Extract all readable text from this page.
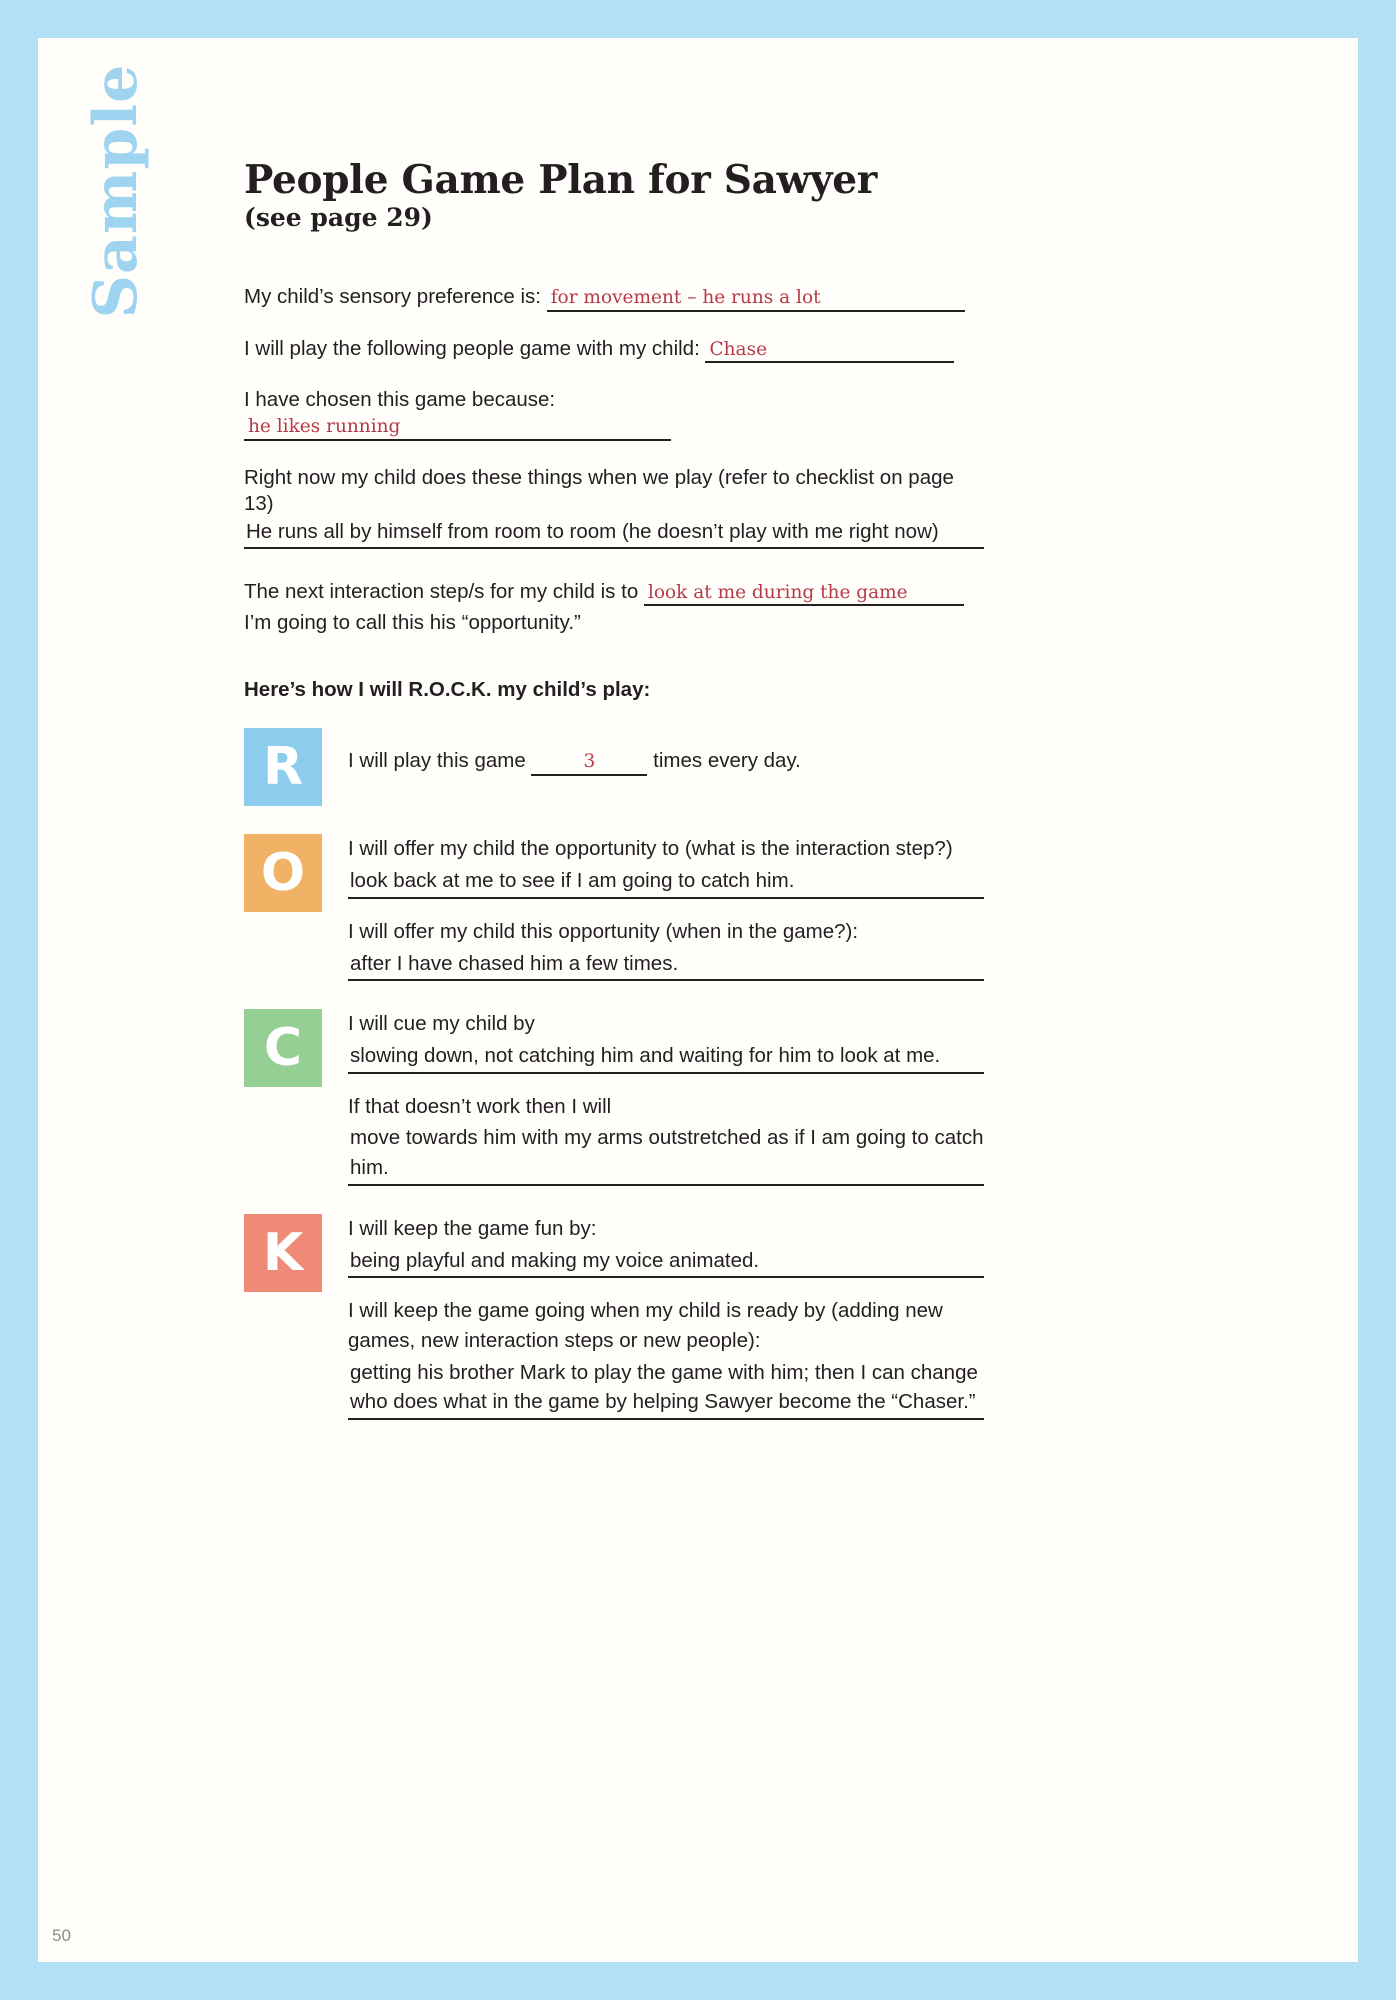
Sample People Game Plan for Sawyer
(see page 29)
My child’s sensory preference is: for movement – he runs a lot
I will play the following people game with my child: Chase
I have chosen this game because: he likes running
Right now my child does these things when we play (refer to checklist on page 13)
He runs all by himself from room to room (he doesn’t play with me right now)
The next interaction step/s for my child is to look at me during the game
I’m going to call this his “opportunity.”
Here’s how I will R.O.C.K. my child’s play:
R	I will play this game	3	times every day.

O	I will offer my child the opportunity to (what is the interaction step?)
look back at me to see if I am going to catch him.

I will offer my child this opportunity (when in the game?):
after I have chased him a few times.

C	I will cue my child by
slowing down, not catching him and waiting for him to look at me.

If that doesn’t work then I will
move towards him with my arms outstretched as if I am going to catch him.

K	I will keep the game fun by:
being playful and making my voice animated.

I will keep the game going when my child is ready by (adding new games, new interaction steps or new people):
getting his brother Mark to play the game with him; then I can change who does what in the game by helping Sawyer become the “Chaser.”

50
